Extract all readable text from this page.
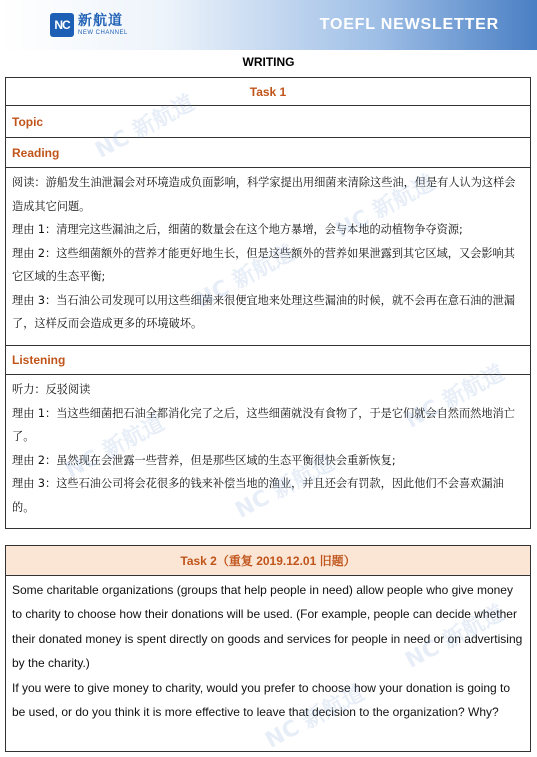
NC 新航道
NEW CHANNEL	TOEFL NEWSLETTER
WRITING
Task 1
Topic
Reading

阅读：游船发生油泄漏会对环境造成负面影响，科学家提出用细菌来清除这些油，但是有人认为这样会造成其它问题。

理由 1：清理完这些漏油之后，细菌的数量会在这个地方暴增，会与本地的动植物争夺资源;

理由 2：这些细菌额外的营养才能更好地生长，但是这些额外的营养如果泄露到其它区域，又会影响其它区域的生态平衡;

理由 3：当石油公司发现可以用这些细菌来很便宜地来处理这些漏油的时候，就不会再在意石油的泄漏了，这样反而会造成更多的环境破坏。

Listening

听力：反驳阅读

理由 1：当这些细菌把石油全都消化完了之后，这些细菌就没有食物了，于是它们就会自然而然地消亡了。

理由 2：虽然现在会泄露一些营养，但是那些区域的生态平衡很快会重新恢复;

理由 3：这些石油公司将会花很多的钱来补偿当地的渔业，并且还会有罚款，因此他们不会喜欢漏油的。

Task 2（重复 2019.12.01 旧题）

Some charitable organizations (groups that help people in need) allow people who give money to charity to choose how their donations will be used. (For example, people can decide whether their donated money is spent directly on goods and services for people in need or on advertising by the charity.)

If you were to give money to charity, would you prefer to choose how your donation is going to be used, or do you think it is more effective to leave that decision to the organization? Why?

NC 新航道
NC 新航道
NC 新航道
NC 新航道
NC 新航道
NC 新航道
NC 新航道
NC 新航道
